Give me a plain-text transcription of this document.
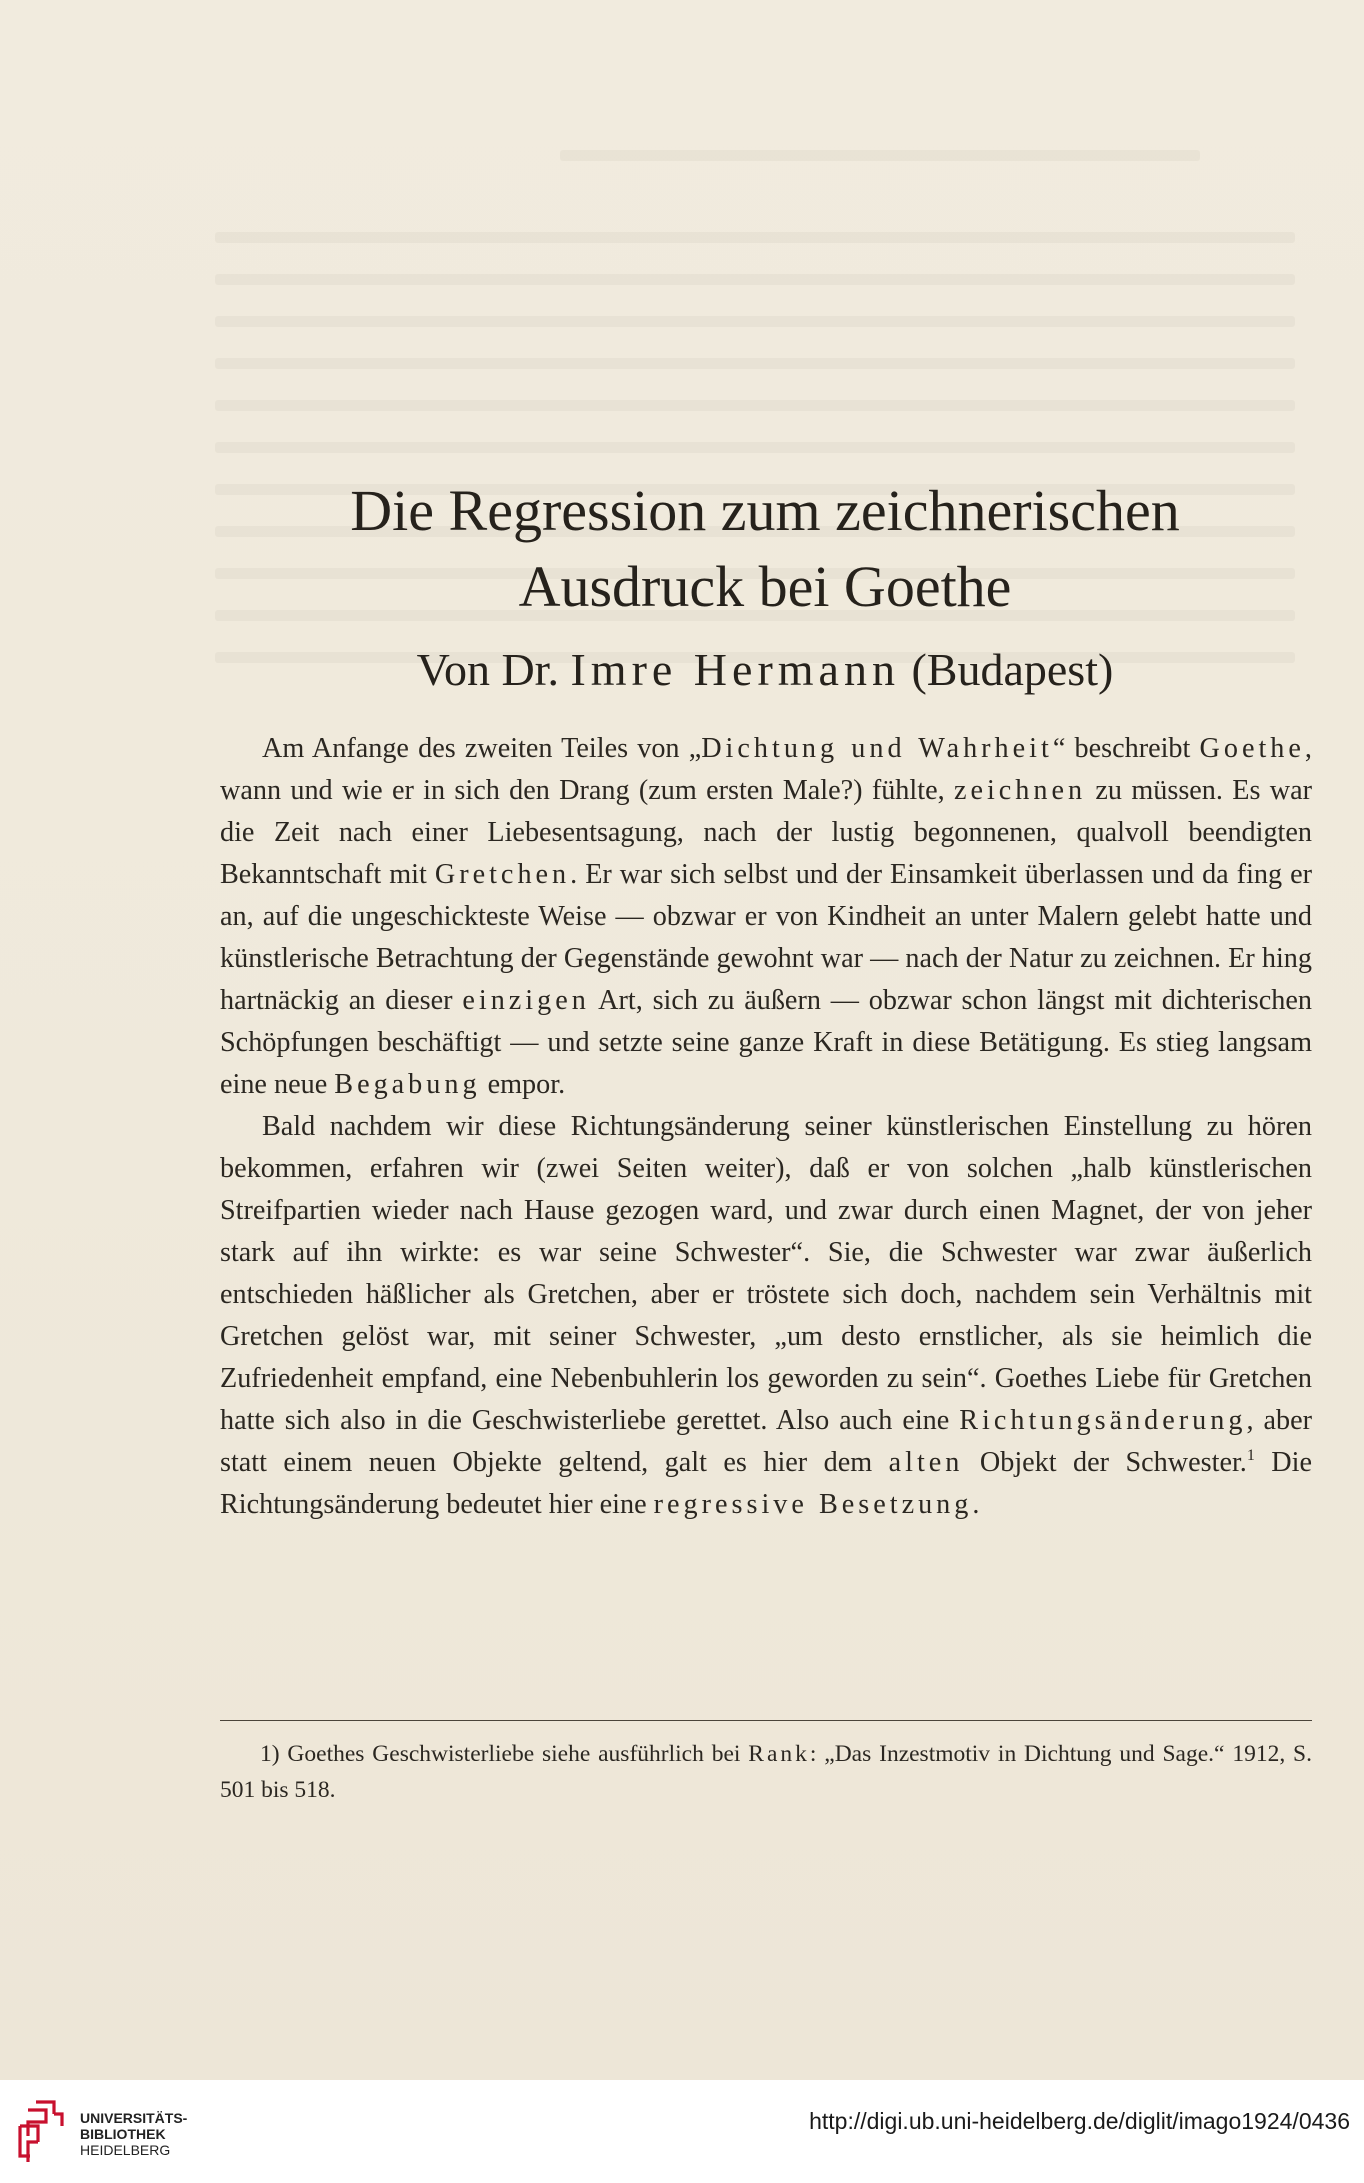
Die Regression zum zeichnerischen
Ausdruck bei Goethe
Von Dr. Imre Hermann (Budapest)

Am Anfange des zweiten Teiles von „Dichtung und Wahrheit“ beschreibt Goethe, wann und wie er in sich den Drang (zum ersten Male?) fühlte, zeichnen zu müssen. Es war die Zeit nach einer Liebesentsagung, nach der lustig begonnenen, qualvoll beendigten Bekanntschaft mit Gretchen. Er war sich selbst und der Einsamkeit überlassen und da fing er an, auf die ungeschickteste Weise — obzwar er von Kindheit an unter Malern gelebt hatte und künstlerische Betrachtung der Gegenstände gewohnt war — nach der Natur zu zeichnen. Er hing hartnäckig an dieser einzigen Art, sich zu äußern — obzwar schon längst mit dichterischen Schöpfungen beschäftigt — und setzte seine ganze Kraft in diese Betätigung. Es stieg langsam eine neue Begabung empor.

Bald nachdem wir diese Richtungsänderung seiner künstlerischen Einstellung zu hören bekommen, erfahren wir (zwei Seiten weiter), daß er von solchen „halb künstlerischen Streifpartien wieder nach Hause gezogen ward, und zwar durch einen Magnet, der von jeher stark auf ihn wirkte: es war seine Schwester“. Sie, die Schwester war zwar äußerlich entschieden häßlicher als Gretchen, aber er tröstete sich doch, nachdem sein Verhältnis mit Gretchen gelöst war, mit seiner Schwester, „um desto ernstlicher, als sie heimlich die Zufriedenheit empfand, eine Nebenbuhlerin los geworden zu sein“. Goethes Liebe für Gretchen hatte sich also in die Geschwisterliebe gerettet. Also auch eine Richtungsänderung, aber statt einem neuen Objekte geltend, galt es hier dem alten Objekt der Schwester.$^1$ Die Richtungsänderung bedeutet hier eine regressive Besetzung.

1) Goethes Geschwisterliebe siehe ausführlich bei Rank: „Das Inzestmotiv in Dichtung und Sage.“ 1912, S. 501 bis 518.
UNIVERSITÄTS-
BIBLIOTHEK
HEIDELBERG
http://digi.ub.uni-heidelberg.de/diglit/imago1924/0436
